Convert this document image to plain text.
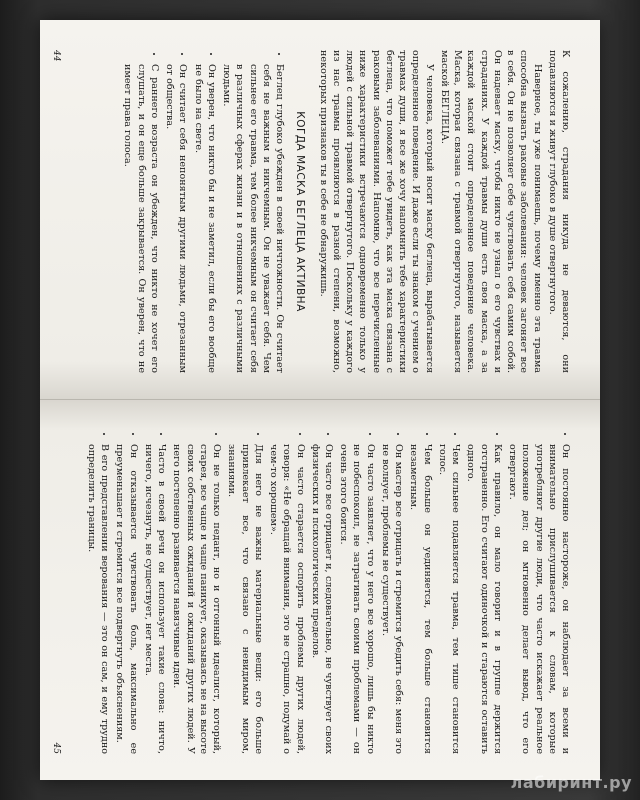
К сожалению, страдания никуда не деваются, они подавляются и живут глубоко в душе отвергнутого.

Наверное, ты уже понимаешь, почему именно эта травма способна вызвать раковые заболевания: человек загоняет все в себя. Он не позволяет себе чувствовать себя самим собой. Он надевает маску, чтобы никто не узнал о его чувствах и страданиях. У каждой травмы души есть своя маска, а за каждой маской стоит определенное поведение человека. Маска, которая связана с травмой отвергнутого, называется маской БЕГЛЕЦА.

У человека, который носит маску беглеца, вырабатывается определенное поведение. И даже если ты знаком с учением о травмах души, я все же хочу напомнить тебе характеристики беглеца, что поможет тебе увидеть, как эта маска связана с раковыми заболеваниями. Напомню, что все перечисленные ниже характеристики встречаются одновременно только у людей с сильной травмой отвергнутого. Поскольку у каждого из нас травмы проявляются в разной степени, возможно, некоторых признаков ты в себе не обнаружишь.

КОГДА МАСКА БЕГЛЕЦА АКТИВНА
• Беглец глубоко убежден в своей ничтожности. Он считает себя не важным и никчемным. Он не уважает себя. Чем сильнее его травма, тем более никчемным он считает себя в различных сферах жизни и в отношениях с различными людьми.
• Он уверен, что никто бы и не заметил, если бы его вообще не было на свете.
• Он считает себя непонятым другими людьми, отрезанным от общества.
• С раннего возраста он убежден, что никто не хочет его слушать, и он еще больше закрывается. Он уверен, что не имеет права голоса.
44
• Он постоянно настороже, он наблюдает за всеми и внимательно прислушивается к словам, которые употребляют другие люди, что часто искажает реальное положение дел; он мгновенно делает вывод, что его отвергают.
• Как правило, он мало говорит и в группе держится отстраненно. Его считают одиночкой и стараются оставить одного.
• Чем сильнее подавляется травма, тем тише становится голос.
• Чем больше он уединяется, тем больше становится незаметным.
• Он мастер все отрицать и стремится убедить себя: меня это не волнует, проблемы не существует.
• Он часто заявляет, что у него все хорошо, лишь бы никто не побеспокоил, не затрагивать своими проблемами — он очень этого боится.
• Он часто все отрицает и, следовательно, не чувствует своих физических и психологических пределов.
• Он часто старается оспорить проблемы других людей, говоря: «Не обращай внимания, это не страшно, подумай о чем-то хорошем».
• Для него не важны материальные вещи: его больше привлекает все, что связано с невидимым миром, знаниями.
• Он не только педант, но и отгонный идеалист, который, старея, все чаще и чаще паникует, оказываясь не на высоте своих собственных ожиданий и ожиданий других людей. У него постепенно развивается навязчивые идеи.
• Часто в своей речи он использует такие слова: ничто, ничего, исчезнуть, не существует, нет места.
• Он отказывается чувствовать боль, максимально ее преуменьшает и стремится все подвергнуть объяснениям.
• В его представлении верования — это он сам, и ему трудно определить границы.
45
лабиринт.ру
